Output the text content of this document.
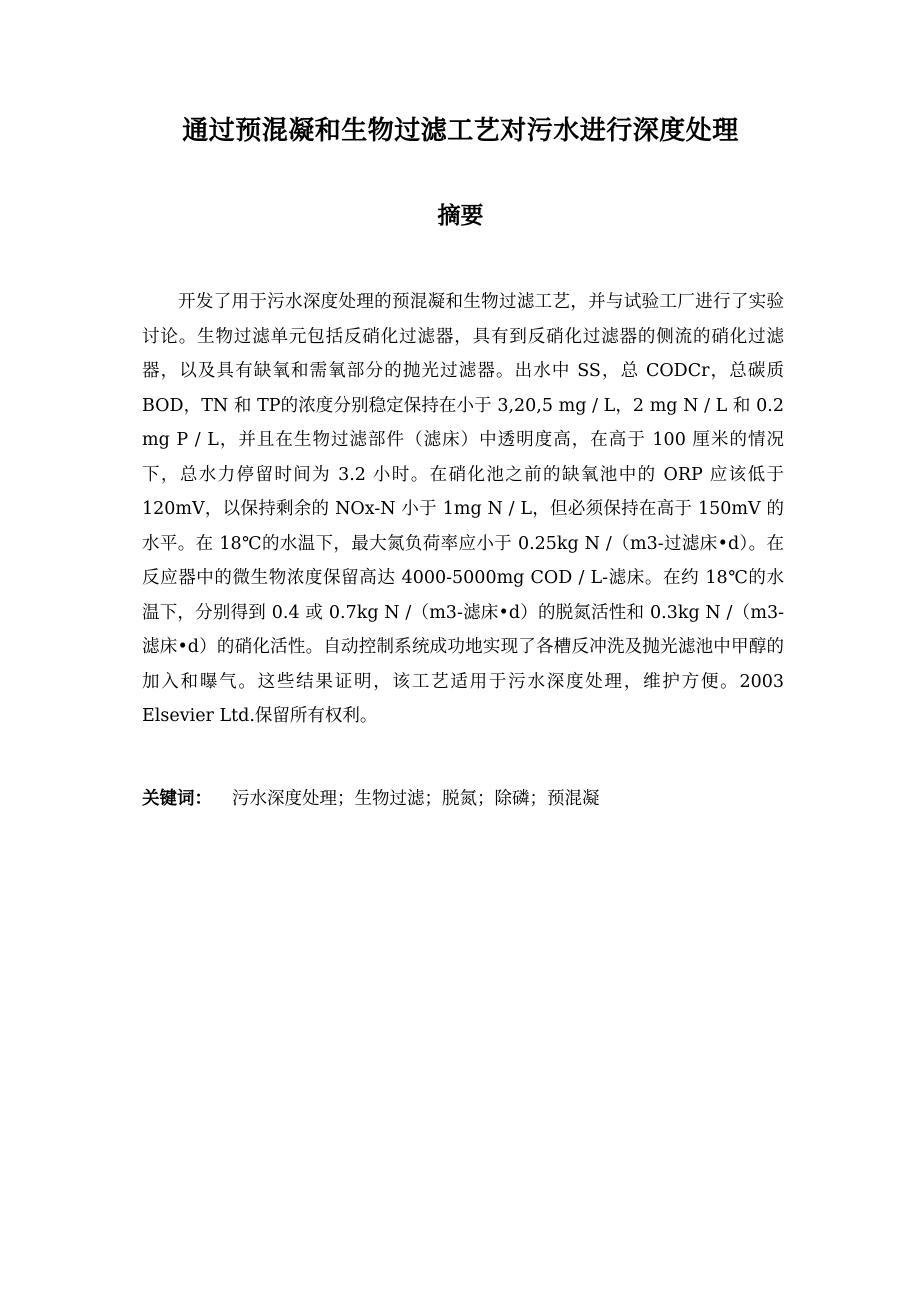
通过预混凝和生物过滤工艺对污水进行深度处理
摘要

开发了用于污水深度处理的预混凝和生物过滤工艺，并与试验工厂进行了实验讨论。生物过滤单元包括反硝化过滤器，具有到反硝化过滤器的侧流的硝化过滤器，以及具有缺氧和需氧部分的抛光过滤器。出水中 SS，总 CODCr，总碳质 BOD，TN 和 TP的浓度分别稳定保持在小于 3,20,5 mg / L，2 mg N / L 和 0.2 mg P / L，并且在生物过滤部件（滤床）中透明度高，在高于 100 厘米的情况下，总水力停留时间为 3.2 小时。在硝化池之前的缺氧池中的 ORP 应该低于 120mV，以保持剩余的 NOx-N 小于 1mg N / L，但必须保持在高于 150mV 的水平。在 18℃的水温下，最大氮负荷率应小于 0.25kg N /（m3-过滤床•d）。在反应器中的微生物浓度保留高达 4000-5000mg COD / L-滤床。在约 18℃的水温下，分别得到 0.4 或 0.7kg N /（m3-滤床•d）的脱氮活性和 0.3kg N /（m3-滤床•d）的硝化活性。自动控制系统成功地实现了各槽反冲洗及抛光滤池中甲醇的加入和曝气。这些结果证明，该工艺适用于污水深度处理，维护方便。2003 Elsevier Ltd.保留所有权利。

关键词： 污水深度处理；生物过滤；脱氮；除磷；预混凝
